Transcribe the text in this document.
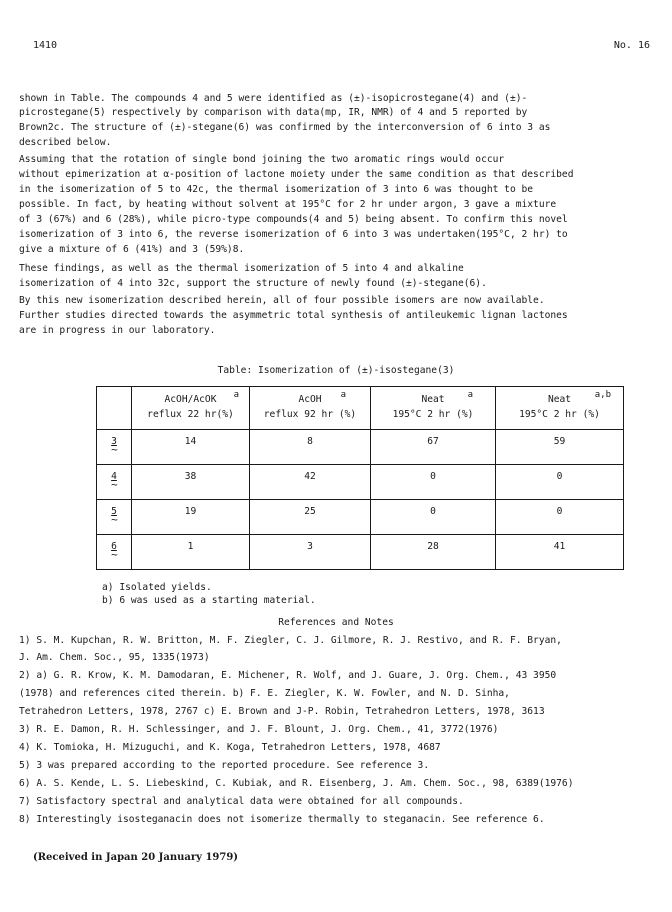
1410	No. 16

shown in Table. The compounds 4 and 5 were identified as (±)-isopicrostegane(4) and (±)-

picrostegane(5) respectively by comparison with data(mp, IR, NMR) of 4 and 5 reported by

Brown2c. The structure of (±)-stegane(6) was confirmed by the interconversion of 6 into 3 as

described below.

Assuming that the rotation of single bond joining the two aromatic rings would occur

without epimerization at α-position of lactone moiety under the same condition as that described

in the isomerization of 5 to 42c, the thermal isomerization of 3 into 6 was thought to be

possible. In fact, by heating without solvent at 195°C for 2 hr under argon, 3 gave a mixture

of 3 (67%) and 6 (28%), while picro-type compounds(4 and 5) being absent. To confirm this novel

isomerization of 3 into 6, the reverse isomerization of 6 into 3 was undertaken(195°C, 2 hr) to

give a mixture of 6 (41%) and 3 (59%)8.

These findings, as well as the thermal isomerization of 5 into 4 and alkaline

isomerization of 4 into 32c, support the structure of newly found (±)-stegane(6).

By this new isomerization described herein, all of four possible isomers are now available.

Further studies directed towards the asymmetric total synthesis of antileukemic lignan lactones

are in progress in our laboratory.

Table: Isomerization of (±)-isostegane(3)

	AcOH/AcOK a
reflux 22 hr(%)	AcOH a
reflux 92 hr (%)	Neat a
195°C 2 hr (%)	Neat a,b
195°C 2 hr (%)

3 ~	14	8	67	59
4 ~	38	42	0	0
5 ~	19	25	0	0
6 ~	1	3	28	41

a) Isolated yields.

b) 6 was used as a starting material.

References and Notes

1) S. M. Kupchan, R. W. Britton, M. F. Ziegler, C. J. Gilmore, R. J. Restivo, and R. F. Bryan,

J. Am. Chem. Soc., 95, 1335(1973)

2) a) G. R. Krow, K. M. Damodaran, E. Michener, R. Wolf, and J. Guare, J. Org. Chem., 43 3950

(1978) and references cited therein. b) F. E. Ziegler, K. W. Fowler, and N. D. Sinha,

Tetrahedron Letters, 1978, 2767 c) E. Brown and J-P. Robin, Tetrahedron Letters, 1978, 3613

3) R. E. Damon, R. H. Schlessinger, and J. F. Blount, J. Org. Chem., 41, 3772(1976)

4) K. Tomioka, H. Mizuguchi, and K. Koga, Tetrahedron Letters, 1978, 4687

5) 3 was prepared according to the reported procedure. See reference 3.

6) A. S. Kende, L. S. Liebeskind, C. Kubiak, and R. Eisenberg, J. Am. Chem. Soc., 98, 6389(1976)

7) Satisfactory spectral and analytical data were obtained for all compounds.

8) Interestingly isosteganacin does not isomerize thermally to steganacin. See reference 6.

(Received in Japan 20 January 1979)
